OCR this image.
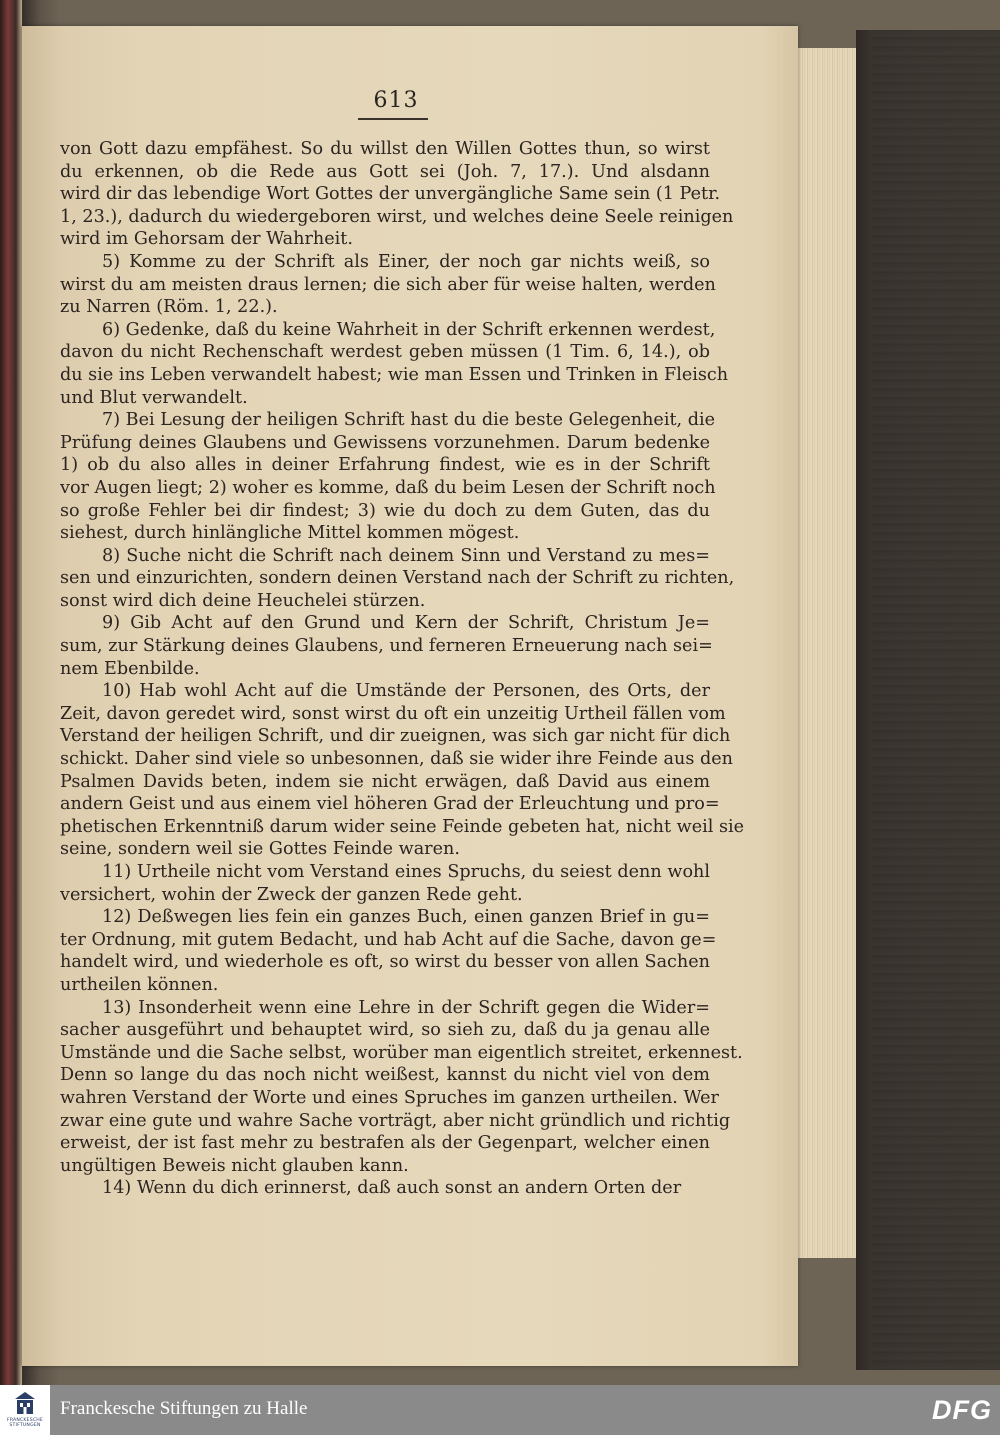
613

von Gott dazu empfähest. So du willst den Willen Gottes thun, so wirst
du erkennen, ob die Rede aus Gott sei (Joh. 7, 17.). Und alsdann
wird dir das lebendige Wort Gottes der unvergängliche Same sein (1 Petr.
1, 23.), dadurch du wiedergeboren wirst, und welches deine Seele reinigen
wird im Gehorsam der Wahrheit.

5) Komme zu der Schrift als Einer, der noch gar nichts weiß, so
wirst du am meisten draus lernen; die sich aber für weise halten, werden
zu Narren (Röm. 1, 22.).

6) Gedenke, daß du keine Wahrheit in der Schrift erkennen werdest,
davon du nicht Rechenschaft werdest geben müssen (1 Tim. 6, 14.), ob
du sie ins Leben verwandelt habest; wie man Essen und Trinken in Fleisch
und Blut verwandelt.

7) Bei Lesung der heiligen Schrift hast du die beste Gelegenheit, die
Prüfung deines Glaubens und Gewissens vorzunehmen. Darum bedenke
1) ob du also alles in deiner Erfahrung findest, wie es in der Schrift
vor Augen liegt; 2) woher es komme, daß du beim Lesen der Schrift noch
so große Fehler bei dir findest; 3) wie du doch zu dem Guten, das du
siehest, durch hinlängliche Mittel kommen mögest.

8) Suche nicht die Schrift nach deinem Sinn und Verstand zu mes=
sen und einzurichten, sondern deinen Verstand nach der Schrift zu richten,
sonst wird dich deine Heuchelei stürzen.

9) Gib Acht auf den Grund und Kern der Schrift, Christum Je=
sum, zur Stärkung deines Glaubens, und ferneren Erneuerung nach sei=
nem Ebenbilde.

10) Hab wohl Acht auf die Umstände der Personen, des Orts, der
Zeit, davon geredet wird, sonst wirst du oft ein unzeitig Urtheil fällen vom
Verstand der heiligen Schrift, und dir zueignen, was sich gar nicht für dich
schickt. Daher sind viele so unbesonnen, daß sie wider ihre Feinde aus den
Psalmen Davids beten, indem sie nicht erwägen, daß David aus einem
andern Geist und aus einem viel höheren Grad der Erleuchtung und pro=
phetischen Erkenntniß darum wider seine Feinde gebeten hat, nicht weil sie
seine, sondern weil sie Gottes Feinde waren.

11) Urtheile nicht vom Verstand eines Spruchs, du seiest denn wohl
versichert, wohin der Zweck der ganzen Rede geht.

12) Deßwegen lies fein ein ganzes Buch, einen ganzen Brief in gu=
ter Ordnung, mit gutem Bedacht, und hab Acht auf die Sache, davon ge=
handelt wird, und wiederhole es oft, so wirst du besser von allen Sachen
urtheilen können.

13) Insonderheit wenn eine Lehre in der Schrift gegen die Wider=
sacher ausgeführt und behauptet wird, so sieh zu, daß du ja genau alle
Umstände und die Sache selbst, worüber man eigentlich streitet, erkennest.
Denn so lange du das noch nicht weißest, kannst du nicht viel von dem
wahren Verstand der Worte und eines Spruches im ganzen urtheilen. Wer
zwar eine gute und wahre Sache vorträgt, aber nicht gründlich und richtig
erweist, der ist fast mehr zu bestrafen als der Gegenpart, welcher einen
ungültigen Beweis nicht glauben kann.

14) Wenn du dich erinnerst, daß auch sonst an andern Orten der

FRANCKESCHE STIFTUNGEN
Franckesche Stiftungen zu Halle	DFG
